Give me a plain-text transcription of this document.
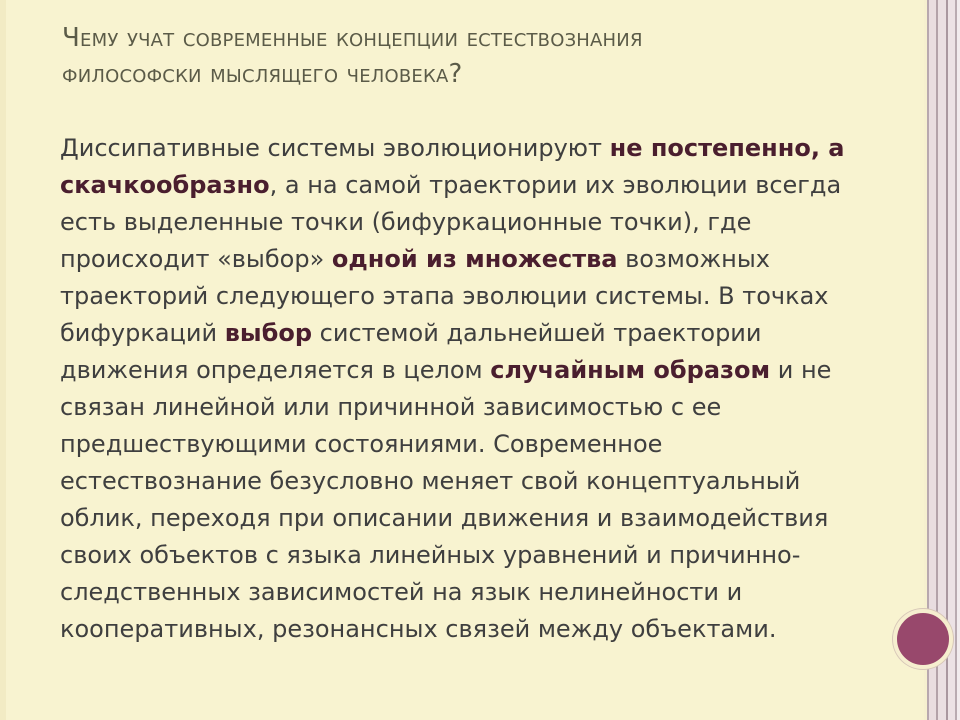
Чему учат современные концепции естествознания
философски мыслящего человека?
Диссипативные системы эволюционируют не постепенно, а
скачкообразно, а на самой траектории их эволюции всегда
есть выделенные точки (бифуркационные точки), где
происходит «выбор» одной из множества возможных
траекторий следующего этапа эволюции системы. В точках
бифуркаций выбор системой дальнейшей траектории
движения определяется в целом случайным образом и не
связан линейной или причинной зависимостью с ее
предшествующими состояниями. Современное
естествознание безусловно меняет свой концептуальный
облик, переходя при описании движения и взаимодействия
своих объектов с языка линейных уравнений и причинно-
следственных зависимостей на язык нелинейности и
кооперативных, резонансных связей между объектами.
